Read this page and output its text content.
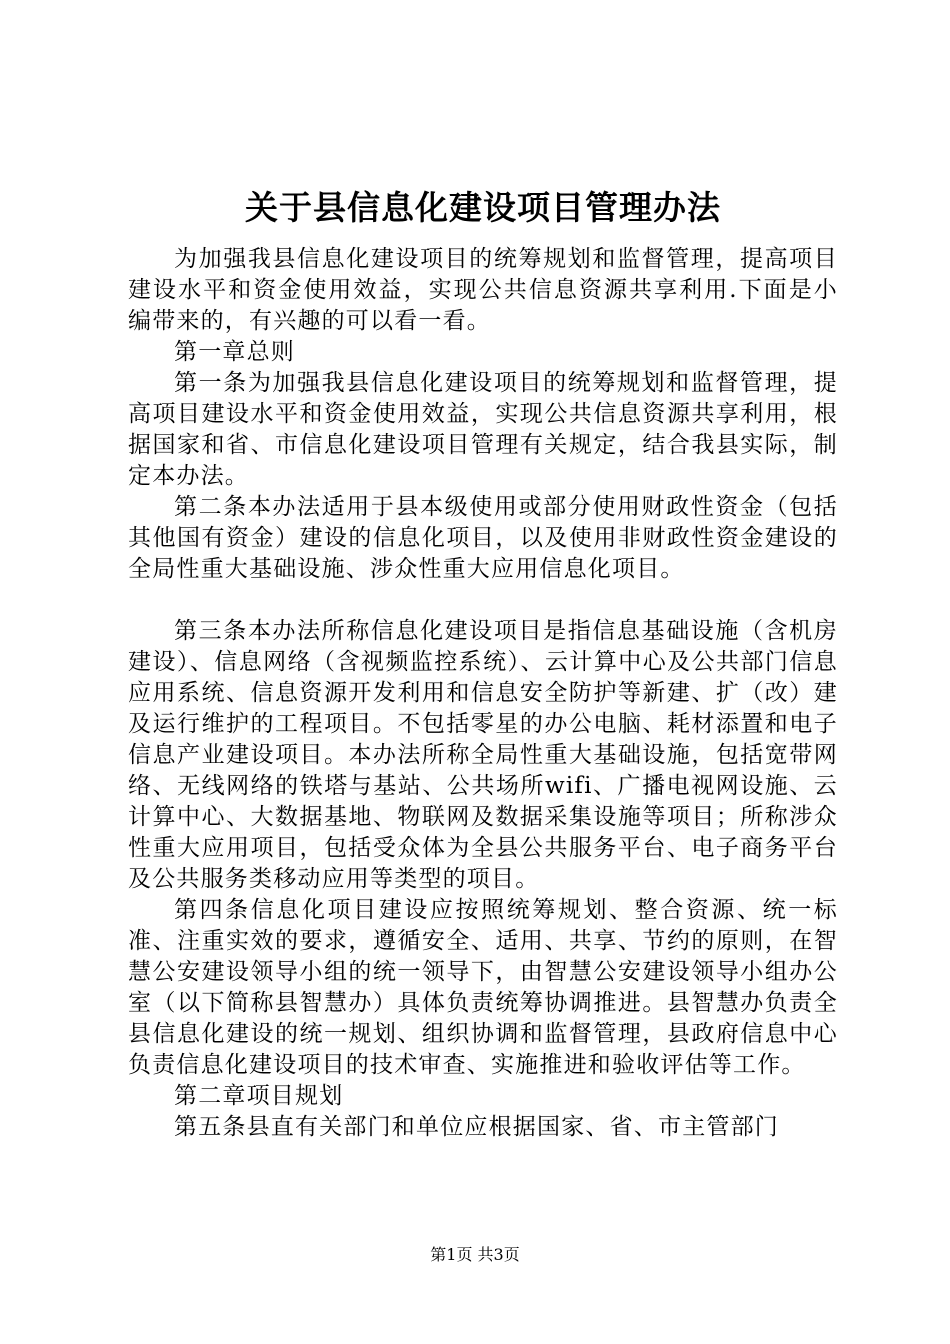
关于县信息化建设项目管理办法

为加强我县信息化建设项目的统筹规划和监督管理，提高项目建设水平和资金使用效益，实现公共信息资源共享利用.下面是小编带来的，有兴趣的可以看一看。

第一章总则

第一条为加强我县信息化建设项目的统筹规划和监督管理，提高项目建设水平和资金使用效益，实现公共信息资源共享利用，根据国家和省、市信息化建设项目管理有关规定，结合我县实际，制定本办法。

第二条本办法适用于县本级使用或部分使用财政性资金（包括其他国有资金）建设的信息化项目，以及使用非财政性资金建设的全局性重大基础设施、涉众性重大应用信息化项目。

第三条本办法所称信息化建设项目是指信息基础设施（含机房建设）、信息网络（含视频监控系统）、云计算中心及公共部门信息应用系统、信息资源开发利用和信息安全防护等新建、扩（改）建及运行维护的工程项目。不包括零星的办公电脑、耗材添置和电子信息产业建设项目。本办法所称全局性重大基础设施，包括宽带网络、无线网络的铁塔与基站、公共场所wifi、广播电视网设施、云计算中心、大数据基地、物联网及数据采集设施等项目；所称涉众性重大应用项目，包括受众体为全县公共服务平台、电子商务平台及公共服务类移动应用等类型的项目。

第四条信息化项目建设应按照统筹规划、整合资源、统一标准、注重实效的要求，遵循安全、适用、共享、节约的原则，在智慧公安建设领导小组的统一领导下，由智慧公安建设领导小组办公室（以下简称县智慧办）具体负责统筹协调推进。县智慧办负责全县信息化建设的统一规划、组织协调和监督管理，县政府信息中心负责信息化建设项目的技术审查、实施推进和验收评估等工作。

第二章项目规划

第五条县直有关部门和单位应根据国家、省、市主管部门

第1页 共3页
